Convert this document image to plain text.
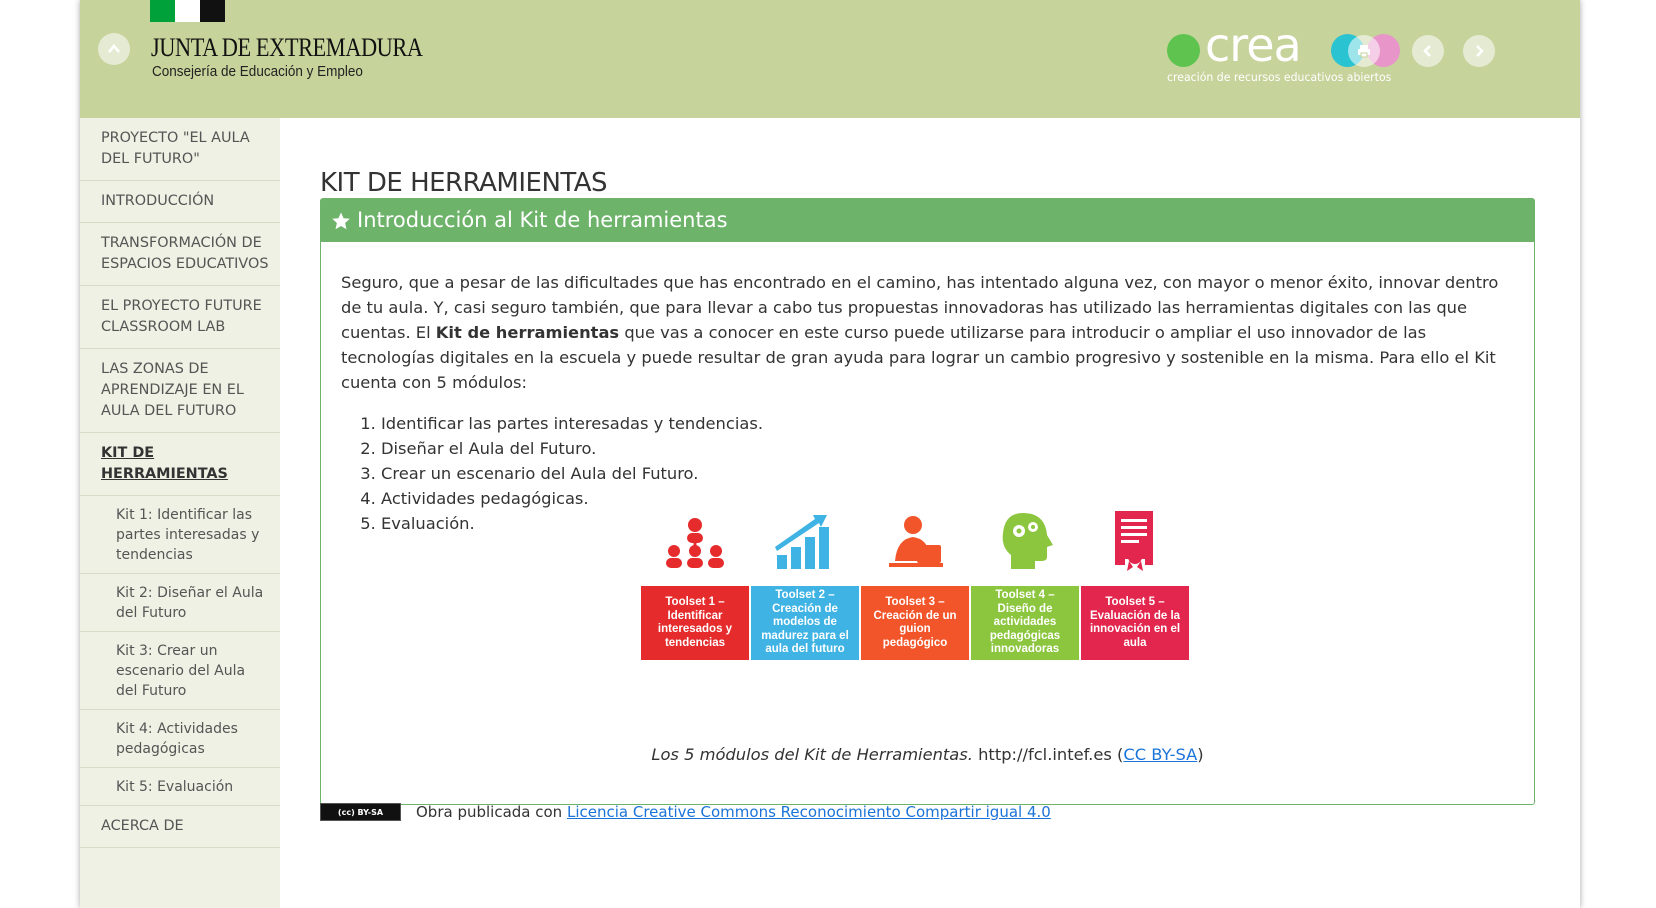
JUNTA DE EXTREMADURA
Consejería de Educación y Empleo	crea
creación de recursos educativos abiertos
PROYECTO "EL AULA DEL FUTURO"
INTRODUCCIÓN
TRANSFORMACIÓN DE ESPACIOS EDUCATIVOS
EL PROYECTO FUTURE CLASSROOM LAB
LAS ZONAS DE APRENDIZAJE EN EL AULA DEL FUTURO
KIT DE HERRAMIENTAS
Kit 1: Identificar las partes interesadas y tendencias
Kit 2: Diseñar el Aula del Futuro
Kit 3: Crear un escenario del Aula del Futuro
Kit 4: Actividades pedagógicas
Kit 5: Evaluación
ACERCA DE
KIT DE HERRAMIENTAS
Introducción al Kit de herramientas

Seguro, que a pesar de las dificultades que has encontrado en el camino, has intentado alguna vez, con mayor o menor éxito, innovar dentro de tu aula. Y, casi seguro también, que para llevar a cabo tus propuestas innovadoras has utilizado las herramientas digitales con las que cuentas. El Kit de herramientas que vas a conocer en este curso puede utilizarse para introducir o ampliar el uso innovador de las tecnologías digitales en la escuela y puede resultar de gran ayuda para lograr un cambio progresivo y sostenible en la misma. Para ello el Kit cuenta con 5 módulos:

1. Identificar las partes interesadas y tendencias.
2. Diseñar el Aula del Futuro.
3. Crear un escenario del Aula del Futuro.
4. Actividades pedagógicas.
5. Evaluación.
Toolset 1 – Identificar interesados y tendencias
Toolset 2 – Creación de modelos de madurez para el aula del futuro
Toolset 3 – Creación de un guion pedagógico
Toolset 4 – Diseño de actividades pedagógicas innovadoras
Toolset 5 – Evaluación de la innovación en el aula
Los 5 módulos del Kit de Herramientas. http://fcl.intef.es (CC BY-SA)
(cc) BY-SA	Obra publicada con
Licencia Creative Commons Reconocimiento Compartir igual 4.0
